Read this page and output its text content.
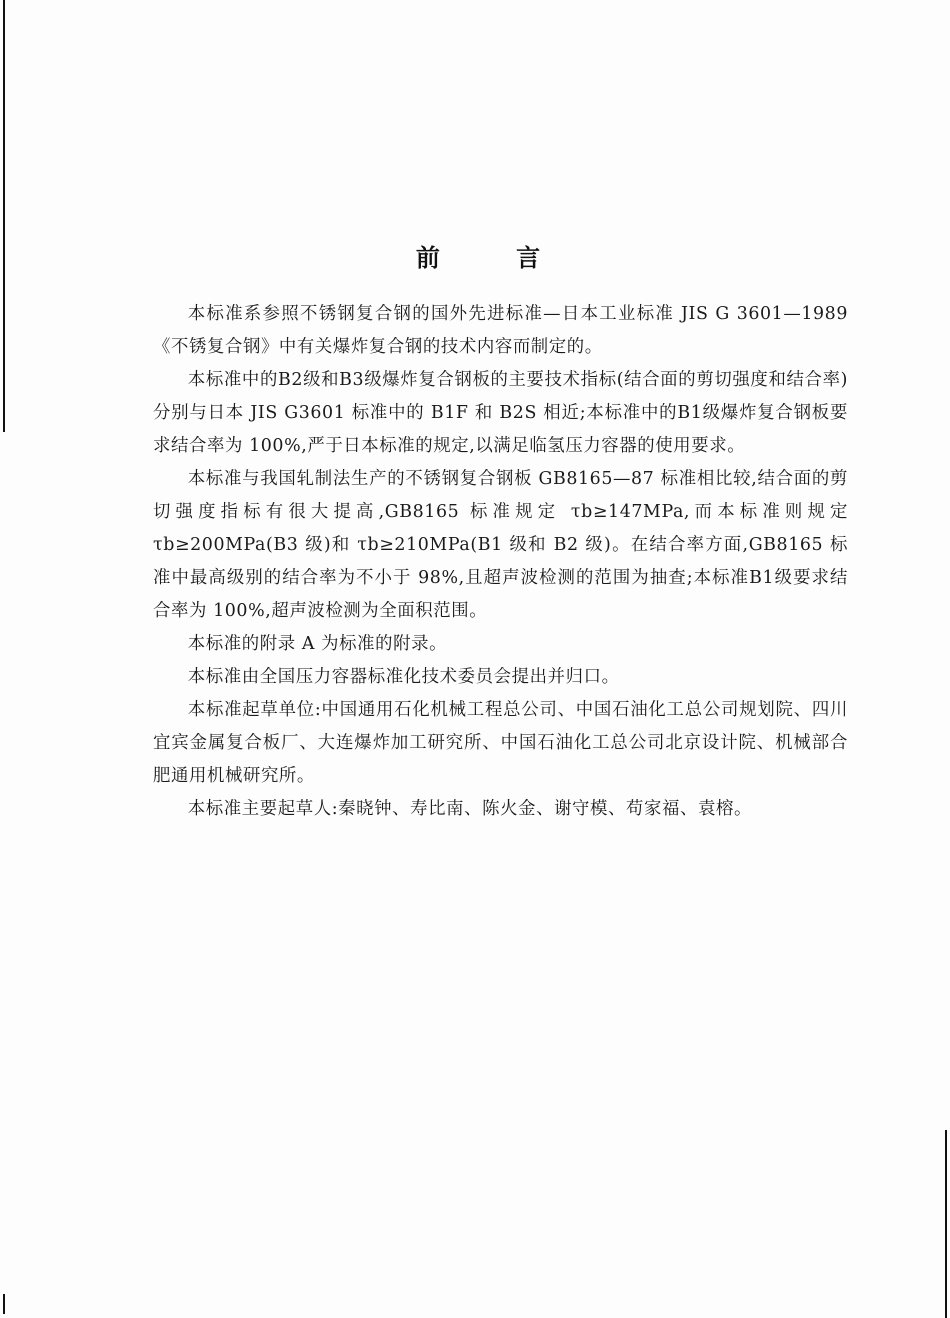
前 言

本标准系参照不锈钢复合钢的国外先进标准—日本工业标准 JIS G 3601—1989《不锈复合钢》中有关爆炸复合钢的技术内容而制定的。

本标准中的B2级和B3级爆炸复合钢板的主要技术指标(结合面的剪切强度和结合率)分别与日本 JIS G3601 标准中的 B1F 和 B2S 相近;本标准中的B1级爆炸复合钢板要求结合率为 100%,严于日本标准的规定,以满足临氢压力容器的使用要求。

本标准与我国轧制法生产的不锈钢复合钢板 GB8165—87 标准相比较,结合面的剪切强度指标有很大提高,GB8165 标准规定 τb≥147MPa,而本标准则规定 τb≥200MPa(B3 级)和 τb≥210MPa(B1 级和 B2 级)。在结合率方面,GB8165 标准中最高级别的结合率为不小于 98%,且超声波检测的范围为抽查;本标准B1级要求结合率为 100%,超声波检测为全面积范围。

本标准的附录 A 为标准的附录。

本标准由全国压力容器标准化技术委员会提出并归口。

本标准起草单位:中国通用石化机械工程总公司、中国石油化工总公司规划院、四川宜宾金属复合板厂、大连爆炸加工研究所、中国石油化工总公司北京设计院、机械部合肥通用机械研究所。

本标准主要起草人:秦晓钟、寿比南、陈火金、谢守模、苟家福、袁榕。
